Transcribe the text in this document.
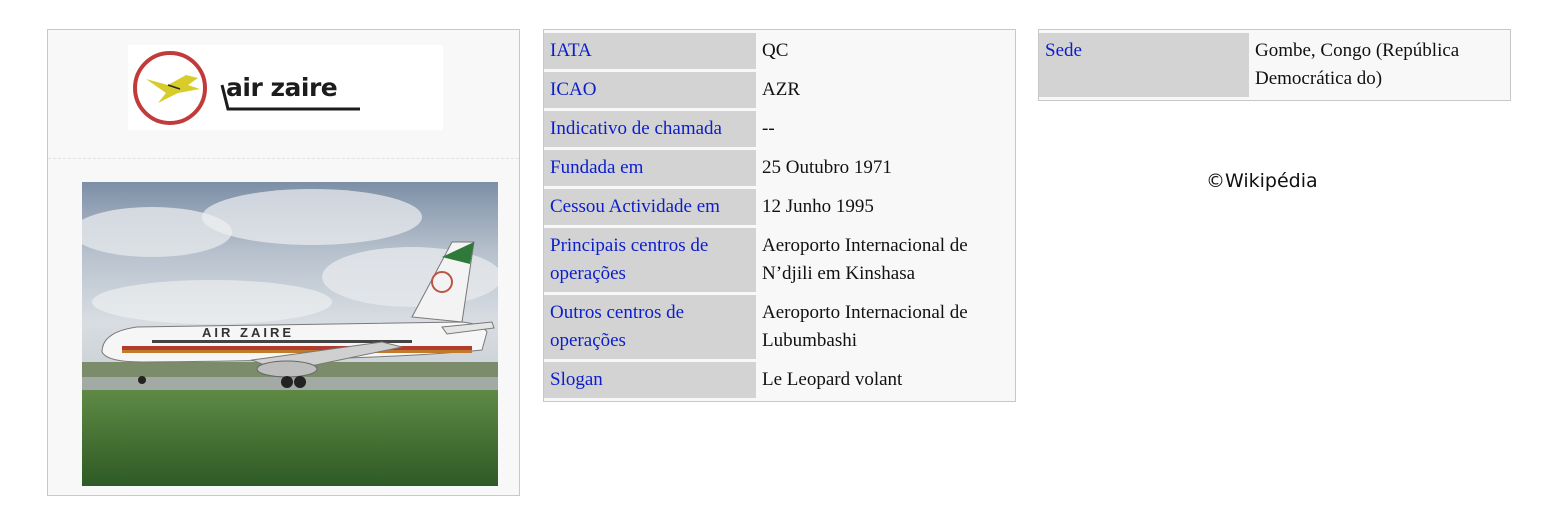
air zaire
AIR ZAIRE
IATA	QC
ICAO	AZR
Indicativo de chamada	--
Fundada em	25 Outubro 1971
Cessou Actividade em	12 Junho 1995
Principais centros de operações	Aeroporto Internacional de N’djili em Kinshasa
Outros centros de operações	Aeroporto Internacional de Lubumbashi
Slogan	Le Leopard volant
Sede	Gombe, Congo (República Democrática do)
©Wikipédia
